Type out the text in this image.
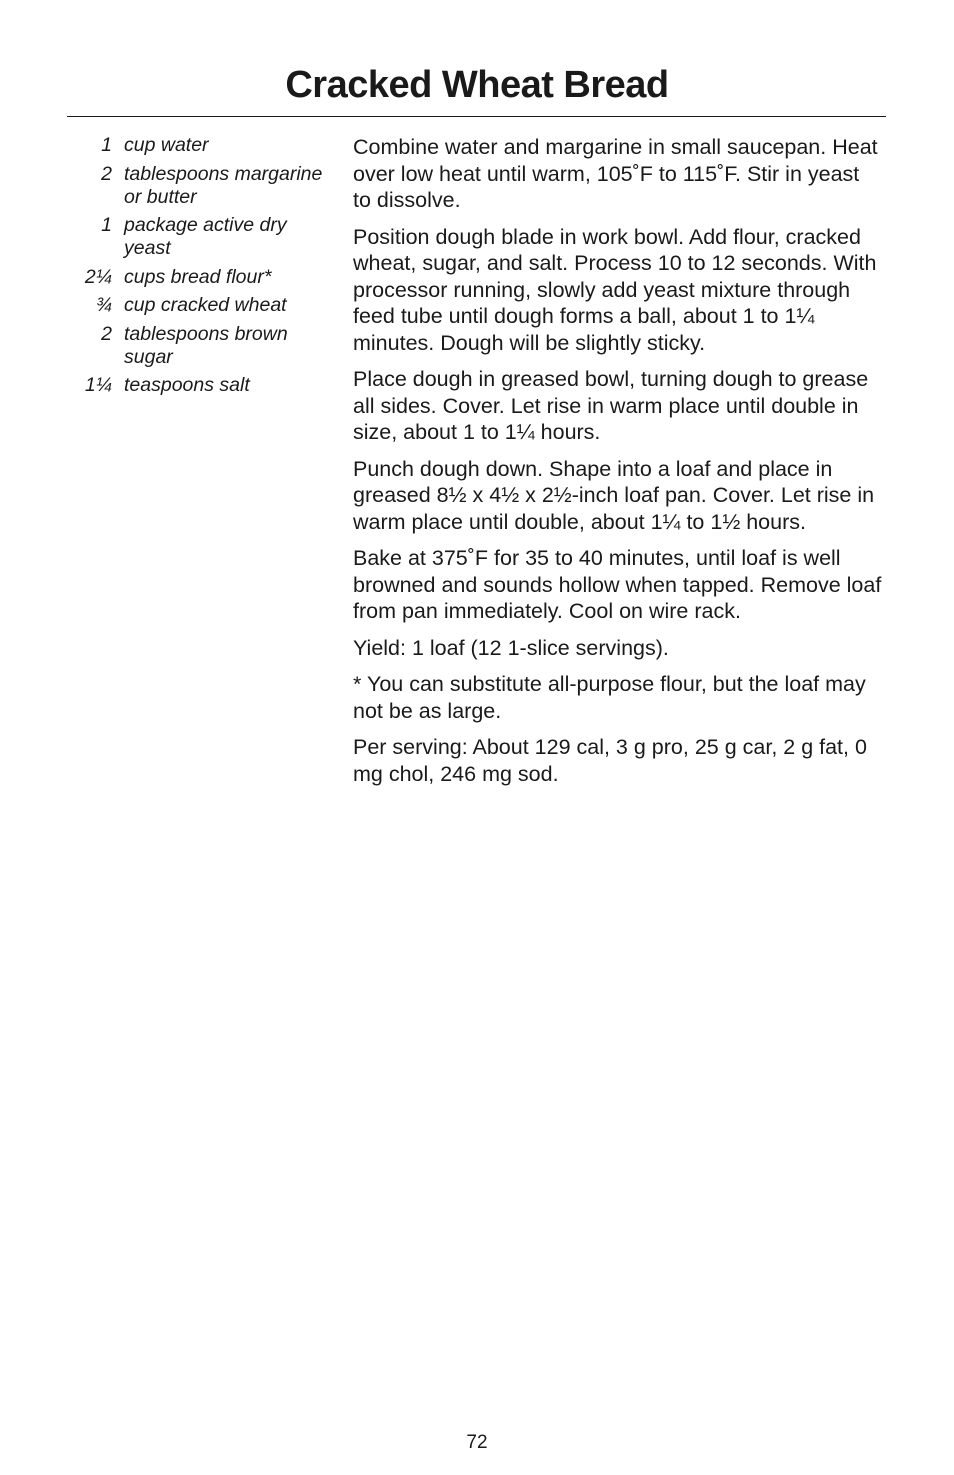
Cracked Wheat Bread
1 cup water
2 tablespoons margarine or butter
1 package active dry yeast
2¼ cups bread flour*
¾ cup cracked wheat
2 tablespoons brown sugar
1¼ teaspoons salt

Combine water and margarine in small saucepan. Heat over low heat until warm, 105˚F to 115˚F. Stir in yeast to dissolve.

Position dough blade in work bowl. Add flour, cracked wheat, sugar, and salt. Process 10 to 12 seconds. With processor running, slowly add yeast mixture through feed tube until dough forms a ball, about 1 to 1¼ minutes. Dough will be slightly sticky.

Place dough in greased bowl, turning dough to grease all sides. Cover. Let rise in warm place until double in size, about 1 to 1¼ hours.

Punch dough down. Shape into a loaf and place in greased 8½ x 4½ x 2½-inch loaf pan. Cover. Let rise in warm place until double, about 1¼ to 1½ hours.

Bake at 375˚F for 35 to 40 minutes, until loaf is well browned and sounds hollow when tapped. Remove loaf from pan immediately. Cool on wire rack.

Yield: 1 loaf (12 1-slice servings).

* You can substitute all-purpose flour, but the loaf may not be as large.

Per serving: About 129 cal, 3 g pro, 25 g car, 2 g fat, 0 mg chol, 246 mg sod.

72
